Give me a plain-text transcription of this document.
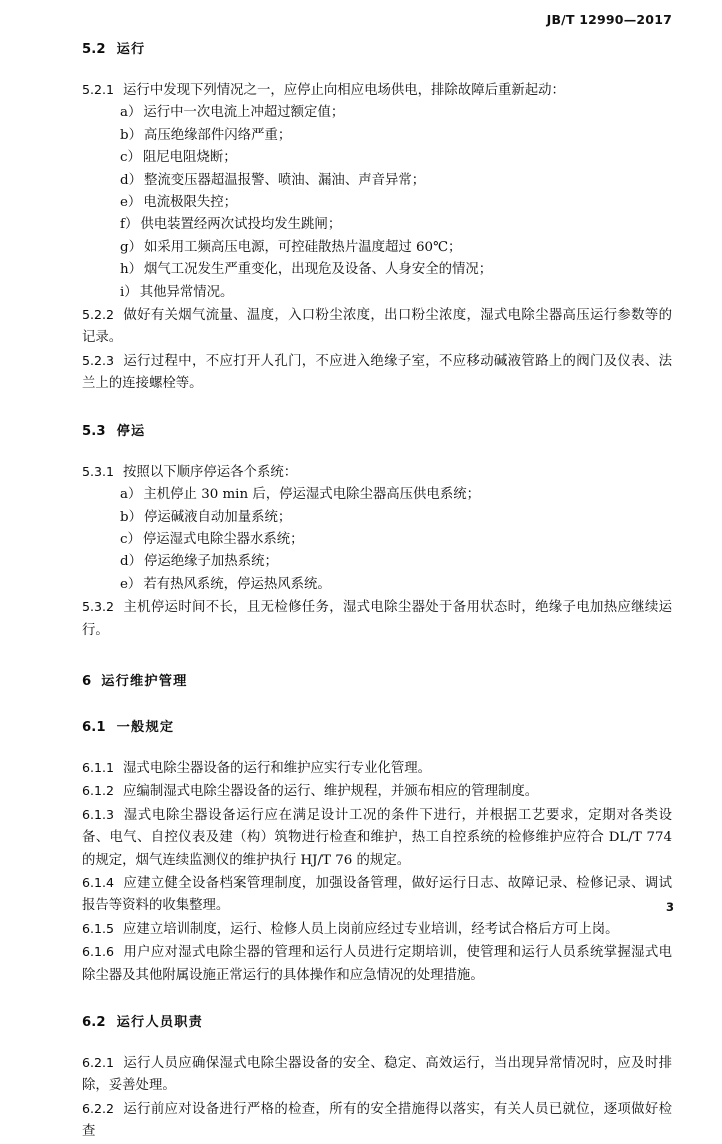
JB/T 12990—2017

5.2 运行

5.2.1 运行中发现下列情况之一，应停止向相应电场供电，排除故障后重新起动：

a） 运行中一次电流上冲超过额定值；

b） 高压绝缘部件闪络严重；

c） 阻尼电阻烧断；

d） 整流变压器超温报警、喷油、漏油、声音异常；

e） 电流极限失控；

f） 供电装置经两次试投均发生跳闸；

g） 如采用工频高压电源，可控硅散热片温度超过 60℃；

h） 烟气工况发生严重变化，出现危及设备、人身安全的情况；

i） 其他异常情况。

5.2.2 做好有关烟气流量、温度，入口粉尘浓度，出口粉尘浓度，湿式电除尘器高压运行参数等的记录。

5.2.3 运行过程中，不应打开人孔门，不应进入绝缘子室，不应移动碱液管路上的阀门及仪表、法兰上的连接螺栓等。

5.3 停运

5.3.1 按照以下顺序停运各个系统：

a） 主机停止 30 min 后，停运湿式电除尘器高压供电系统；

b） 停运碱液自动加量系统；

c） 停运湿式电除尘器水系统；

d） 停运绝缘子加热系统；

e） 若有热风系统，停运热风系统。

5.3.2 主机停运时间不长，且无检修任务，湿式电除尘器处于备用状态时，绝缘子电加热应继续运行。

6 运行维护管理

6.1 一般规定

6.1.1 湿式电除尘器设备的运行和维护应实行专业化管理。

6.1.2 应编制湿式电除尘器设备的运行、维护规程，并颁布相应的管理制度。

6.1.3 湿式电除尘器设备运行应在满足设计工况的条件下进行，并根据工艺要求，定期对各类设备、电气、自控仪表及建（构）筑物进行检查和维护，热工自控系统的检修维护应符合 DL/T 774 的规定，烟气连续监测仪的维护执行 HJ/T 76 的规定。

6.1.4 应建立健全设备档案管理制度，加强设备管理，做好运行日志、故障记录、检修记录、调试报告等资料的收集整理。

6.1.5 应建立培训制度，运行、检修人员上岗前应经过专业培训，经考试合格后方可上岗。

6.1.6 用户应对湿式电除尘器的管理和运行人员进行定期培训，使管理和运行人员系统掌握湿式电除尘器及其他附属设施正常运行的具体操作和应急情况的处理措施。

6.2 运行人员职责

6.2.1 运行人员应确保湿式电除尘器设备的安全、稳定、高效运行，当出现异常情况时，应及时排除，妥善处理。

6.2.2 运行前应对设备进行严格的检查，所有的安全措施得以落实，有关人员已就位，逐项做好检查

3
